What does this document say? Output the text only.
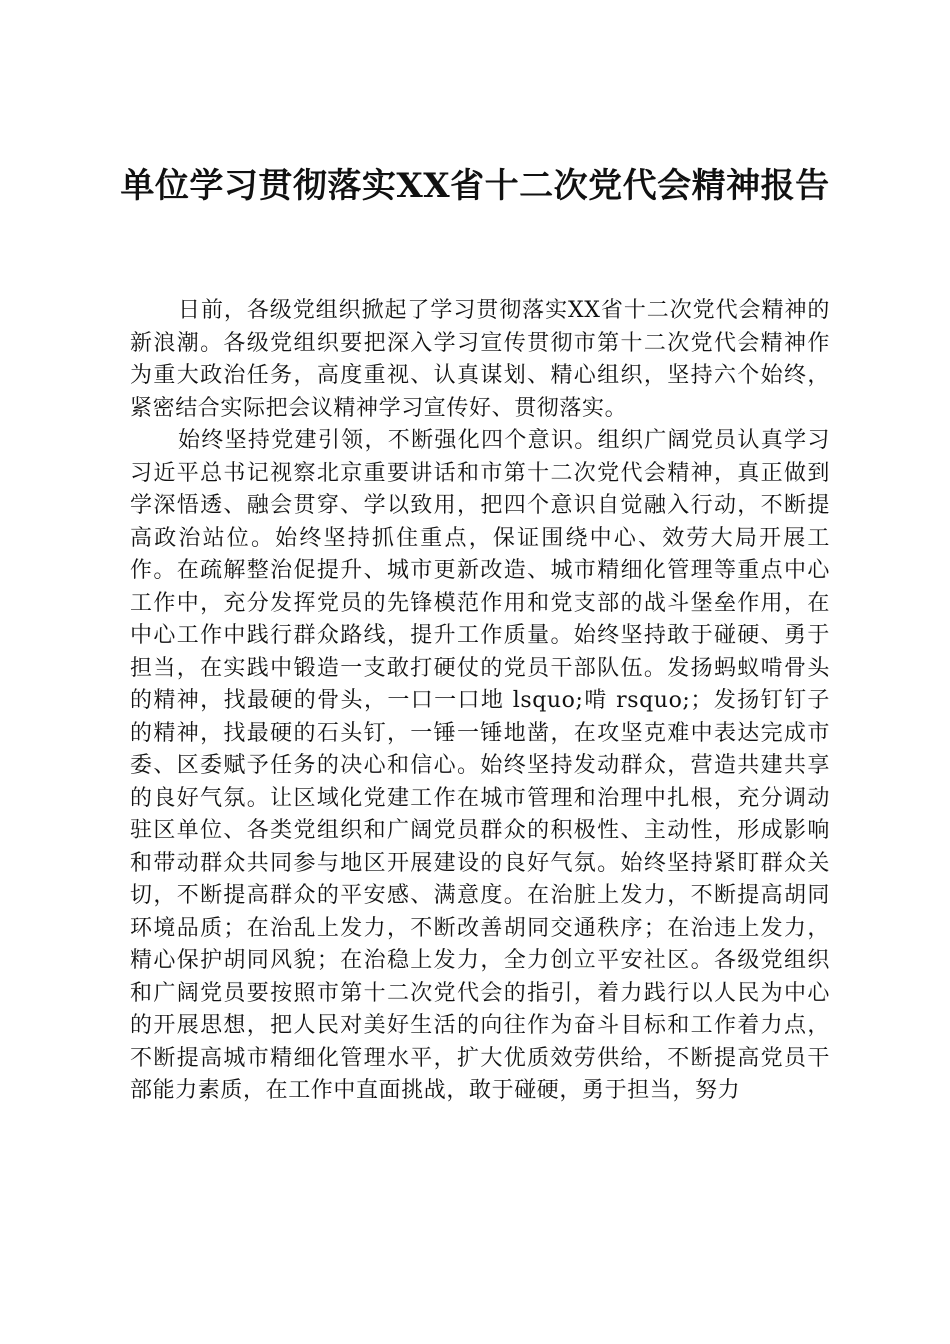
单位学习贯彻落实XX省十二次党代会精神报告

日前，各级党组织掀起了学习贯彻落实XX省十二次党代会精神的新浪潮。各级党组织要把深入学习宣传贯彻市第十二次党代会精神作为重大政治任务，高度重视、认真谋划、精心组织，坚持六个始终，紧密结合实际把会议精神学习宣传好、贯彻落实。

始终坚持党建引领，不断强化四个意识。组织广阔党员认真学习习近平总书记视察北京重要讲话和市第十二次党代会精神，真正做到学深悟透、融会贯穿、学以致用，把四个意识自觉融入行动，不断提高政治站位。始终坚持抓住重点，保证围绕中心、效劳大局开展工作。在疏解整治促提升、城市更新改造、城市精细化管理等重点中心工作中，充分发挥党员的先锋模范作用和党支部的战斗堡垒作用，在中心工作中践行群众路线，提升工作质量。始终坚持敢于碰硬、勇于担当，在实践中锻造一支敢打硬仗的党员干部队伍。发扬蚂蚁啃骨头的精神，找最硬的骨头，一口一口地 lsquo;啃 rsquo;；发扬钉钉子的精神，找最硬的石头钉，一锤一锤地凿，在攻坚克难中表达完成市委、区委赋予任务的决心和信心。始终坚持发动群众，营造共建共享的良好气氛。让区域化党建工作在城市管理和治理中扎根，充分调动驻区单位、各类党组织和广阔党员群众的积极性、主动性，形成影响和带动群众共同参与地区开展建设的良好气氛。始终坚持紧盯群众关切，不断提高群众的平安感、满意度。在治脏上发力，不断提高胡同环境品质；在治乱上发力，不断改善胡同交通秩序；在治违上发力，精心保护胡同风貌；在治稳上发力，全力创立平安社区。各级党组织和广阔党员要按照市第十二次党代会的指引，着力践行以人民为中心的开展思想，把人民对美好生活的向往作为奋斗目标和工作着力点，不断提高城市精细化管理水平，扩大优质效劳供给，不断提高党员干部能力素质，在工作中直面挑战，敢于碰硬，勇于担当，努力
